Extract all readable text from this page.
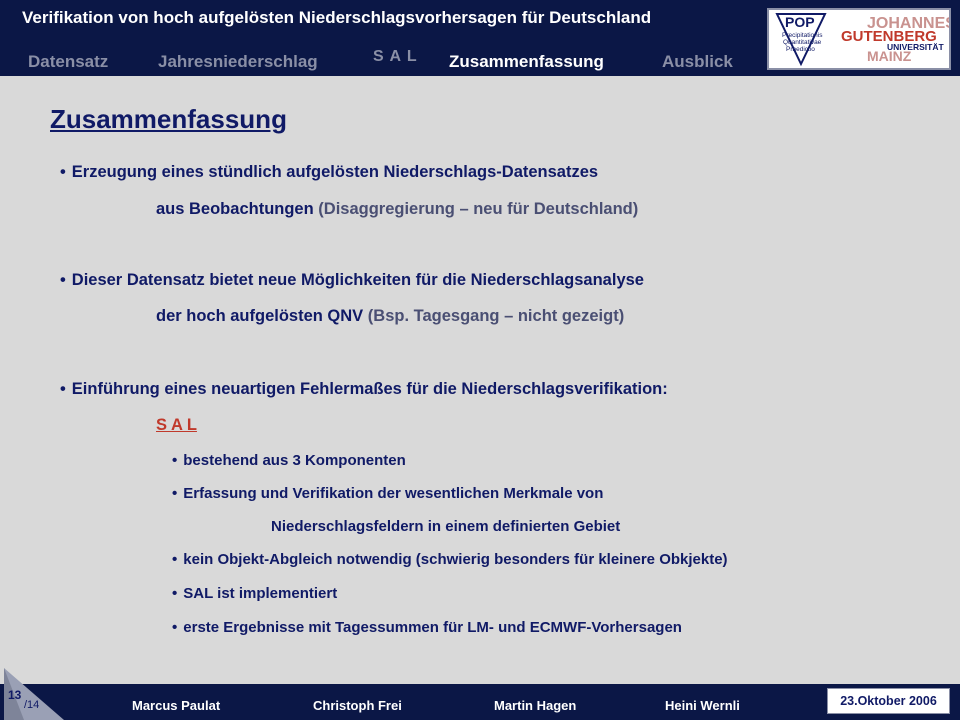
Verifikation von hoch aufgelösten Niederschlagsvorhersagen für Deutschland
Datensatz	Jahresniederschlag	S A L Zusammenfassung	Ausblick
POP
Precipitationis
Quantitativae
Praedictio
JOHANNES
GUTENBERG
UNIVERSITÄT
MAINZ
Zusammenfassung
• Erzeugung eines stündlich aufgelösten Niederschlags-Datensatzes
aus Beobachtungen (Disaggregierung – neu für Deutschland)
• Dieser Datensatz bietet neue Möglichkeiten für die Niederschlagsanalyse
der hoch aufgelösten QNV (Bsp. Tagesgang – nicht gezeigt)
• Einführung eines neuartigen Fehlermaßes für die Niederschlagsverifikation:
S A L
• bestehend aus 3 Komponenten
• Erfassung und Verifikation der wesentlichen Merkmale von
Niederschlagsfeldern in einem definierten Gebiet
• kein Objekt-Abgleich notwendig (schwierig besonders für kleinere Obkjekte)
• SAL ist implementiert
• erste Ergebnisse mit Tagessummen für LM- und ECMWF-Vorhersagen
13
/14	Marcus Paulat	Christoph Frei	Martin Hagen	Heini Wernli	23.Oktober 2006
